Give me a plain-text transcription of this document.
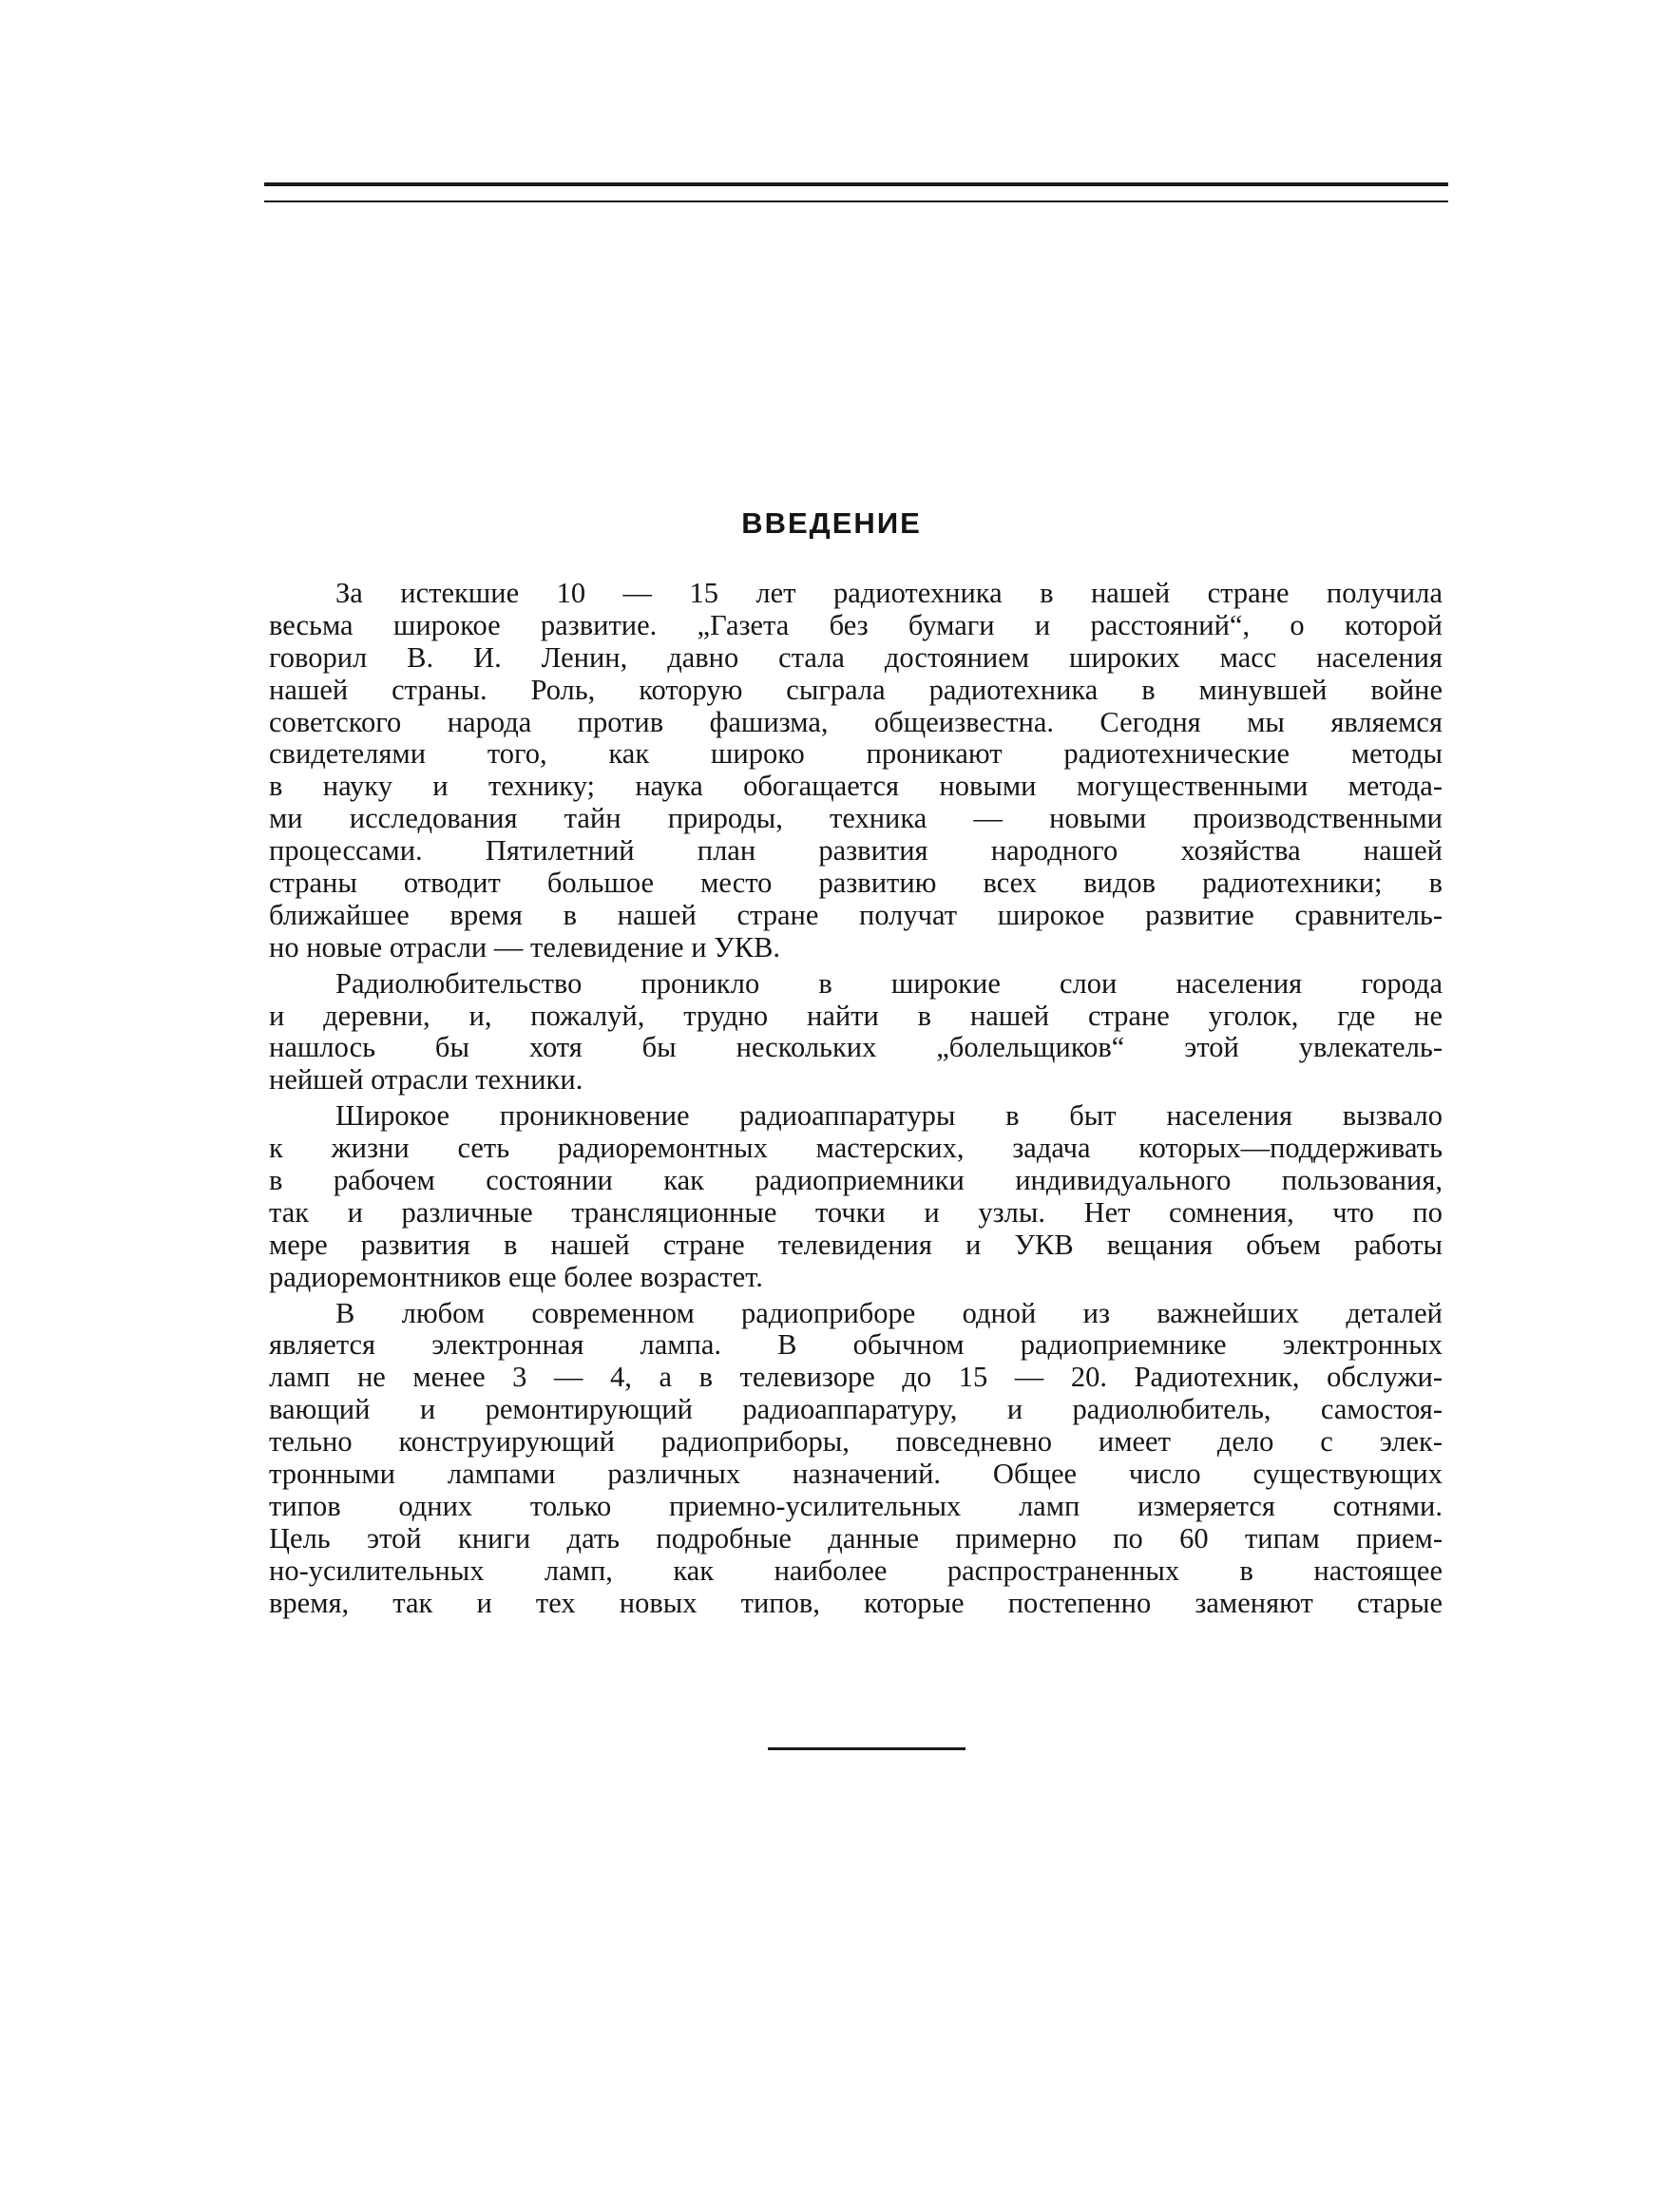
ВВЕДЕНИЕ
За истекшие 10 — 15 лет радиотехника в нашей стране получила
весьма широкое развитие. „Газета без бумаги и расстояний“, о которой
говорил В. И. Ленин, давно стала достоянием широких масс населения
нашей страны. Роль, которую сыграла радиотехника в минувшей войне
советского народа против фашизма, общеизвестна. Сегодня мы являемся
свидетелями того, как широко проникают радиотехнические методы
в науку и технику; наука обогащается новыми могущественными метода-
ми исследования тайн природы, техника — новыми производственными
процессами. Пятилетний план развития народного хозяйства нашей
страны отводит большое место развитию всех видов радиотехники; в
ближайшее время в нашей стране получат широкое развитие сравнитель-
но новые отрасли — телевидение и УКВ.
Радиолюбительство проникло в широкие слои населения города
и деревни, и, пожалуй, трудно найти в нашей стране уголок, где не
нашлось бы хотя бы нескольких „болельщиков“ этой увлекатель-
нейшей отрасли техники.
Широкое проникновение радиоаппаратуры в быт населения вызвало
к жизни сеть радиоремонтных мастерских, задача которых—поддерживать
в рабочем состоянии как радиоприемники индивидуального пользования,
так и различные трансляционные точки и узлы. Нет сомнения, что по
мере развития в нашей стране телевидения и УКВ вещания объем работы
радиоремонтников еще более возрастет.
В любом современном радиоприборе одной из важнейших деталей
является электронная лампа. В обычном радиоприемнике электронных
ламп не менее 3 — 4, а в телевизоре до 15 — 20. Радиотехник, обслужи-
вающий и ремонтирующий радиоаппаратуру, и радиолюбитель, самостоя-
тельно конструирующий радиоприборы, повседневно имеет дело с элек-
тронными лампами различных назначений. Общее число существующих
типов одних только приемно-усилительных ламп измеряется сотнями.
Цель этой книги дать подробные данные примерно по 60 типам прием-
но-усилительных ламп, как наиболее распространенных в настоящее
время, так и тех новых типов, которые постепенно заменяют старые
